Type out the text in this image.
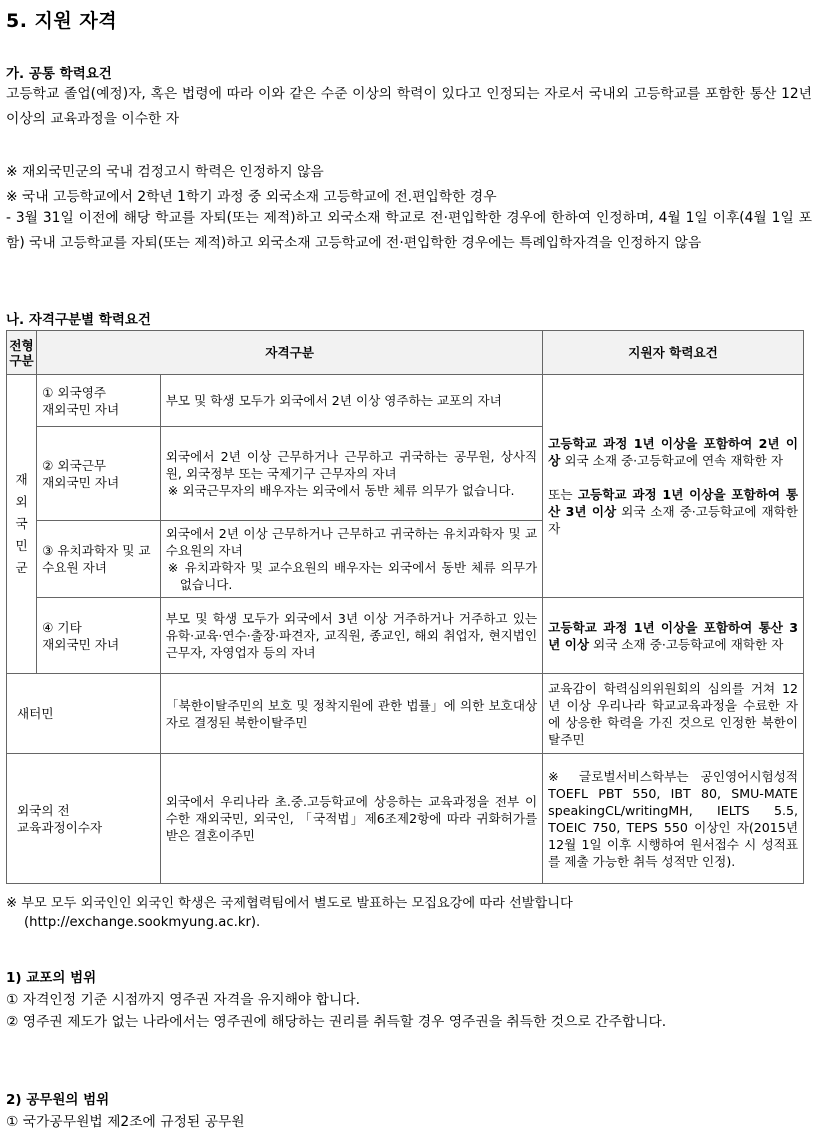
5. 지원 자격
가. 공통 학력요건
고등학교 졸업(예정)자, 혹은 법령에 따라 이와 같은 수준 이상의 학력이 있다고 인정되는 자로서 국내외 고등학교를 포함한 통산 12년 이상의 교육과정을 이수한 자
※ 재외국민군의 국내 검정고시 학력은 인정하지 않음
※ 국내 고등학교에서 2학년 1학기 과정 중 외국소재 고등학교에 전.편입학한 경우
- 3월 31일 이전에 해당 학교를 자퇴(또는 제적)하고 외국소재 학교로 전·편입학한 경우에 한하여 인정하며, 4월 1일 이후(4월 1일 포함) 국내 고등학교를 자퇴(또는 제적)하고 외국소재 고등학교에 전·편입학한 경우에는 특례입학자격을 인정하지 않음
나. 자격구분별 학력요건
전형
구분	자격구분		지원자 학력요건
재
외
국
민
군	① 외국영주
재외국민 자녀	부모 및 학생 모두가 외국에서 2년 이상 영주하는 교포의 자녀	고등학교 과정 1년 이상을 포함하여 2년 이상 외국 소재 중·고등학교에 연속 재학한 자

또는 고등학교 과정 1년 이상을 포함하여 통산 3년 이상 외국 소재 중·고등학교에 재학한 자
	② 외국근무
재외국민 자녀	외국에서 2년 이상 근무하거나 근무하고 귀국하는 공무원, 상사직원, 외국정부 또는 국제기구 근무자의 자녀
※ 외국근무자의 배우자는 외국에서 동반 체류 의무가 없습니다.	

	③ 유치과학자 및 교수요원 자녀	외국에서 2년 이상 근무하거나 근무하고 귀국하는 유치과학자 및 교수요원의 자녀
※ 유치과학자 및 교수요원의 배우자는 외국에서 동반 체류 의무가 없습니다.	

	④ 기타
재외국민 자녀	부모 및 학생 모두가 외국에서 3년 이상 거주하거나 거주하고 있는 유학·교육·연수·출장·파견자, 교직원, 종교인, 해외 취업자, 현지법인 근무자, 자영업자 등의 자녀	고등학교 과정 1년 이상을 포함하여 통산 3년 이상 외국 소재 중·고등학교에 재학한 자
새터민		「북한이탈주민의 보호 및 정착지원에 관한 법률」에 의한 보호대상자로 결정된 북한이탈주민	교육감이 학력심의위원회의 심의를 거쳐 12년 이상 우리나라 학교교육과정을 수료한 자에 상응한 학력을 가진 것으로 인정한 북한이탈주민
외국의 전
교육과정이수자		외국에서 우리나라 초.중.고등학교에 상응하는 교육과정을 전부 이수한 재외국민, 외국인, 「국적법」제6조제2항에 따라 귀화허가를 받은 결혼이주민	※ 글로벌서비스학부는 공인영어시험성적 TOEFL PBT 550, IBT 80, SMU-MATE speakingCL/writingMH, IELTS 5.5, TOEIC 750, TEPS 550 이상인 자(2015년 12월 1일 이후 시행하여 원서접수 시 성적표를 제출 가능한 취득 성적만 인정).
※ 부모 모두 외국인인 외국인 학생은 국제협력팀에서 별도로 발표하는 모집요강에 따라 선발합니다
(http://exchange.sookmyung.ac.kr).
1) 교포의 범위
① 자격인정 기준 시점까지 영주권 자격을 유지해야 합니다.
② 영주권 제도가 없는 나라에서는 영주권에 해당하는 권리를 취득할 경우 영주권을 취득한 것으로 간주합니다.
2) 공무원의 범위
① 국가공무원법 제2조에 규정된 공무원
